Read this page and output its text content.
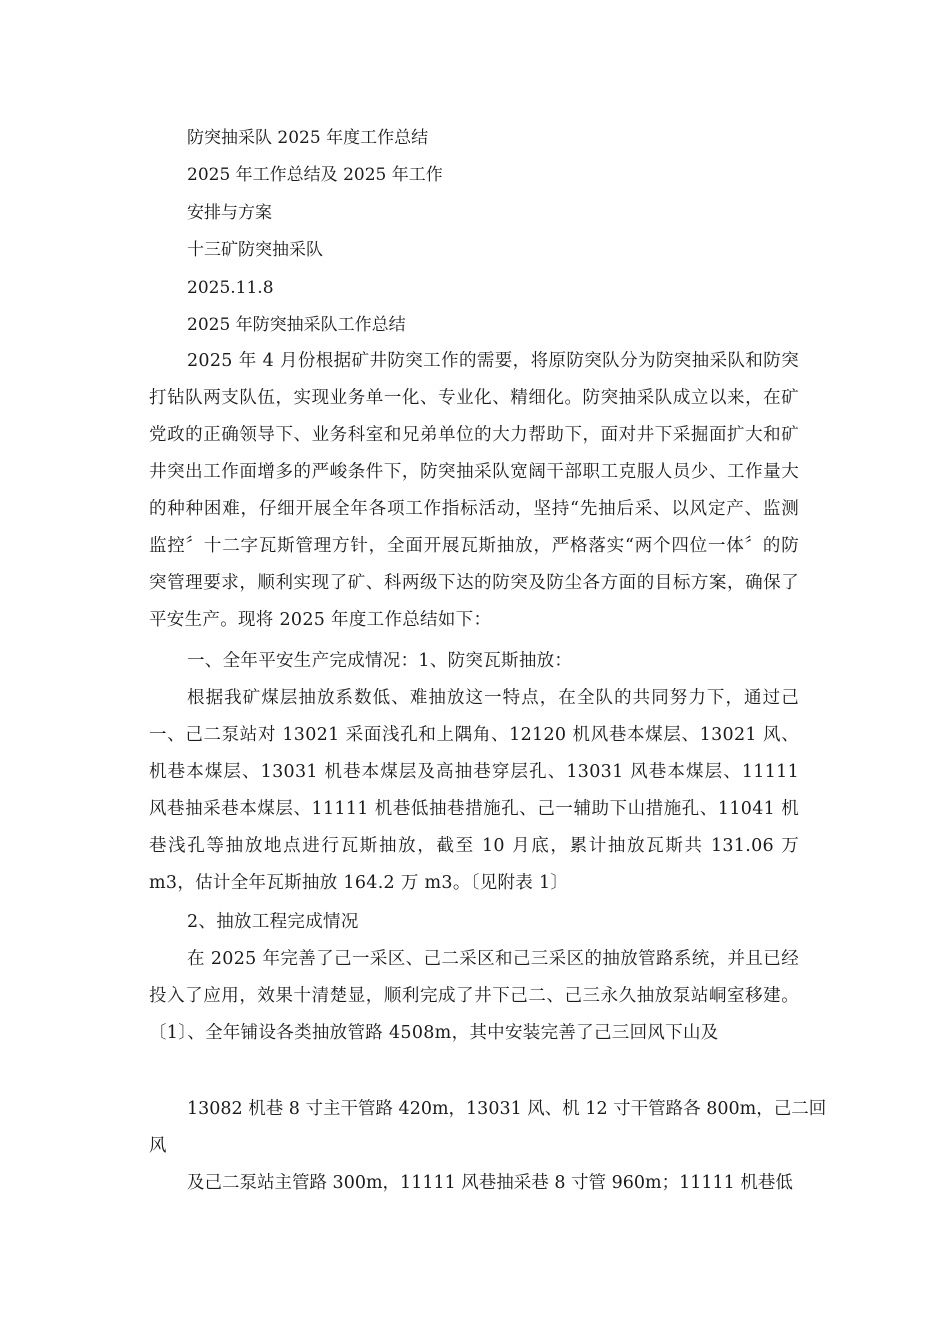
防突抽采队 2025 年度工作总结
2025 年工作总结及 2025 年工作
安排与方案
十三矿防突抽采队
2025.11.8
2025 年防突抽采队工作总结

2025 年 4 月份根据矿井防突工作的需要，将原防突队分为防突抽采队和防突打钻队两支队伍，实现业务单一化、专业化、精细化。防突抽采队成立以来，在矿党政的正确领导下、业务科室和兄弟单位的大力帮助下，面对井下采掘面扩大和矿井突出工作面增多的严峻条件下，防突抽采队宽阔干部职工克服人员少、工作量大的种种困难，仔细开展全年各项工作指标活动，坚持“先抽后采、以风定产、监测监控〞十二字瓦斯管理方针，全面开展瓦斯抽放，严格落实“两个四位一体〞的防突管理要求，顺利实现了矿、科两级下达的防突及防尘各方面的目标方案，确保了平安生产。现将 2025 年度工作总结如下：

一、全年平安生产完成情况：1、防突瓦斯抽放：

根据我矿煤层抽放系数低、难抽放这一特点，在全队的共同努力下，通过己一、己二泵站对 13021 采面浅孔和上隅角、12120 机风巷本煤层、13021 风、机巷本煤层、13031 机巷本煤层及高抽巷穿层孔、13031 风巷本煤层、11111 风巷抽采巷本煤层、11111 机巷低抽巷措施孔、己一辅助下山措施孔、11041 机巷浅孔等抽放地点进行瓦斯抽放，截至 10 月底，累计抽放瓦斯共 131.06 万 m3，估计全年瓦斯抽放 164.2 万 m3。〔见附表 1〕

2、抽放工程完成情况

在 2025 年完善了己一采区、己二采区和己三采区的抽放管路系统，并且已经投入了应用，效果十清楚显，顺利完成了井下己二、己三永久抽放泵站峒室移建。〔1〕、全年铺设各类抽放管路 4508m，其中安装完善了己三回风下山及

13082 机巷 8 寸主干管路 420m，13031 风、机 12 寸干管路各 800m，己二回
风
及己二泵站主管路 300m，11111 风巷抽采巷 8 寸管 960m；11111 机巷低
